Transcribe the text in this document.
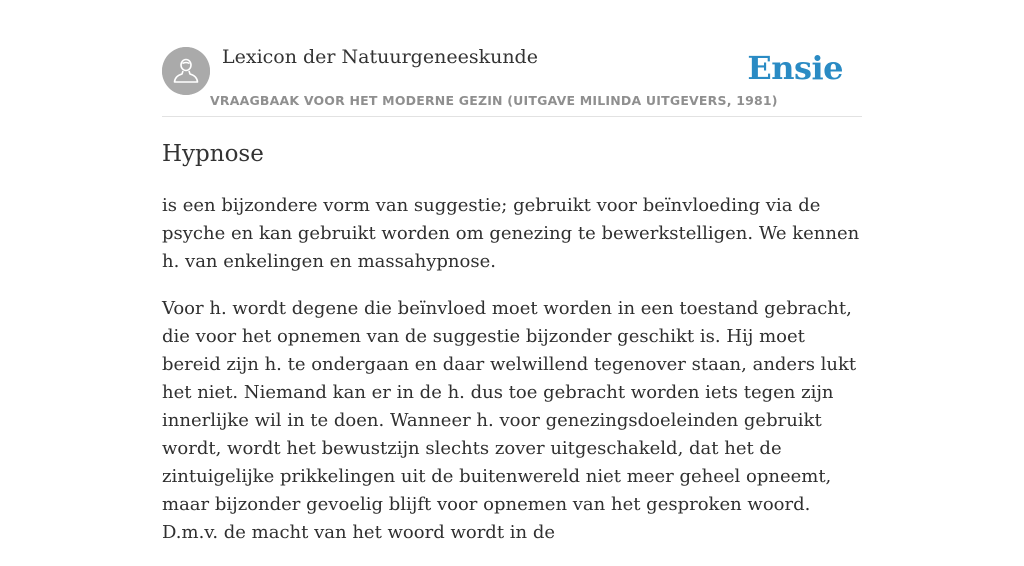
Lexicon der Natuurgeneeskunde
VRAAGBAAK VOOR HET MODERNE GEZIN (UITGAVE MILINDA UITGEVERS, 1981)
Ensie
Hypnose

is een bijzondere vorm van suggestie; gebruikt voor beïnvloeding via de psyche en kan gebruikt worden om genezing te bewerkstelligen. We kennen h. van enkelingen en massahypnose.

Voor h. wordt degene die beïnvloed moet worden in een toestand gebracht, die voor het opnemen van de suggestie bijzonder geschikt is. Hij moet bereid zijn h. te ondergaan en daar welwillend tegenover staan, anders lukt het niet. Niemand kan er in de h. dus toe gebracht worden iets tegen zijn innerlijke wil in te doen. Wanneer h. voor genezingsdoeleinden gebruikt wordt, wordt het bewustzijn slechts zover uitgeschakeld, dat het de zintuigelijke prikkelingen uit de buitenwereld niet meer geheel opneemt, maar bijzonder gevoelig blijft voor opnemen van het gesproken woord. D.m.v. de macht van het woord wordt in de
